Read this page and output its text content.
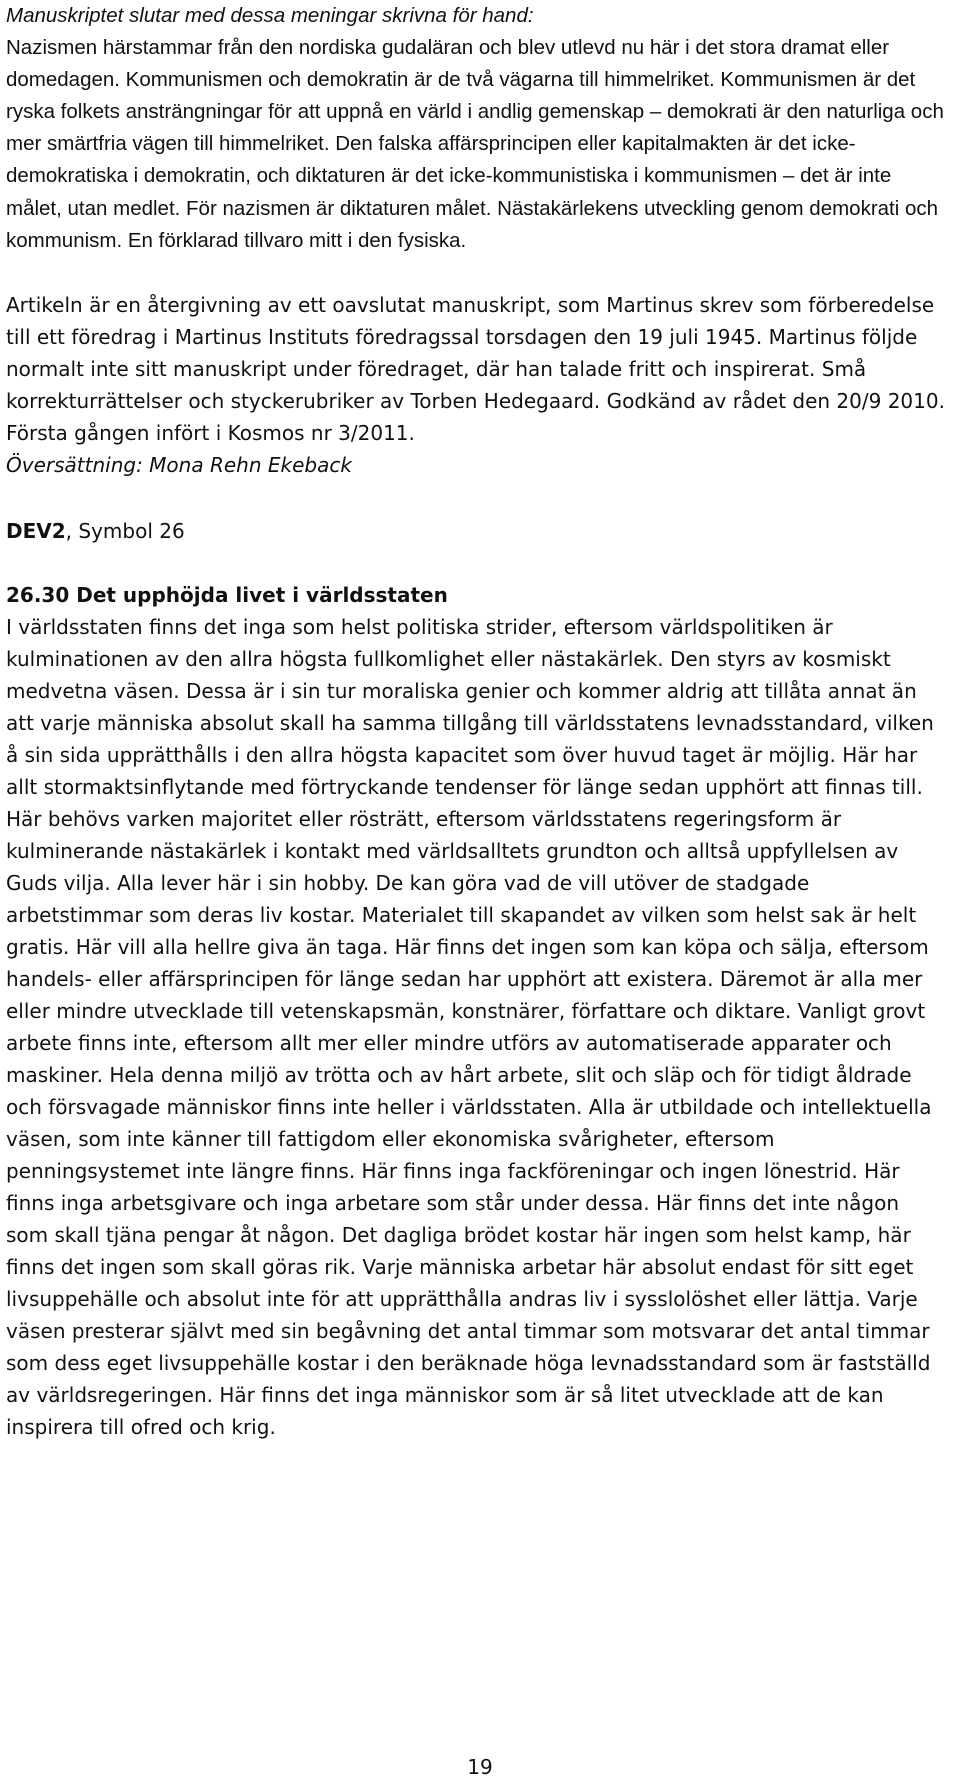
Manuskriptet slutar med dessa meningar skrivna för hand:

Nazismen härstammar från den nordiska gudaläran och blev utlevd nu här i det stora dramat eller domedagen. Kommunismen och demokratin är de två vägarna till himmelriket. Kommunismen är det ryska folkets ansträngningar för att uppnå en värld i andlig gemenskap – demokrati är den naturliga och mer smärtfria vägen till himmelriket. Den falska affärsprincipen eller kapitalmakten är det icke-demokratiska i demokratin, och diktaturen är det icke-kommunistiska i kommunismen – det är inte målet, utan medlet. För nazismen är diktaturen målet. Nästakärlekens utveckling genom demokrati och kommunism. En förklarad tillvaro mitt i den fysiska.

Artikeln är en återgivning av ett oavslutat manuskript, som Martinus skrev som förberedelse till ett föredrag i Martinus Instituts föredragssal torsdagen den 19 juli 1945. Martinus följde normalt inte sitt manuskript under föredraget, där han talade fritt och inspirerat. Små korrekturrättelser och styckerubriker av Torben Hedegaard. Godkänd av rådet den 20/9 2010. Första gången infört i Kosmos nr 3/2011.

Översättning: Mona Rehn Ekeback

DEV2, Symbol 26

26.30 Det upphöjda livet i världsstaten

I världsstaten finns det inga som helst politiska strider, eftersom världspolitiken är kulminationen av den allra högsta fullkomlighet eller nästakärlek. Den styrs av kosmiskt medvetna väsen. Dessa är i sin tur moraliska genier och kommer aldrig att tillåta annat än att varje människa absolut skall ha samma tillgång till världsstatens levnadsstandard, vilken å sin sida upprätthålls i den allra högsta kapacitet som över huvud taget är möjlig. Här har allt stormaktsinflytande med förtryckande tendenser för länge sedan upphört att finnas till. Här behövs varken majoritet eller rösträtt, eftersom världsstatens regeringsform är kulminerande nästakärlek i kontakt med världsalltets grundton och alltså uppfyllelsen av Guds vilja. Alla lever här i sin hobby. De kan göra vad de vill utöver de stadgade arbetstimmar som deras liv kostar. Materialet till skapandet av vilken som helst sak är helt gratis. Här vill alla hellre giva än taga. Här finns det ingen som kan köpa och sälja, eftersom handels- eller affärsprincipen för länge sedan har upphört att existera. Däremot är alla mer eller mindre utvecklade till vetenskapsmän, konstnärer, författare och diktare. Vanligt grovt arbete finns inte, eftersom allt mer eller mindre utförs av automatiserade apparater och maskiner. Hela denna miljö av trötta och av hårt arbete, slit och släp och för tidigt åldrade och försvagade människor finns inte heller i världsstaten. Alla är utbildade och intellektuella väsen, som inte känner till fattigdom eller ekonomiska svårigheter, eftersom penningsystemet inte längre finns. Här finns inga fackföreningar och ingen lönestrid. Här finns inga arbetsgivare och inga arbetare som står under dessa. Här finns det inte någon som skall tjäna pengar åt någon. Det dagliga brödet kostar här ingen som helst kamp, här finns det ingen som skall göras rik. Varje människa arbetar här absolut endast för sitt eget livsuppehälle och absolut inte för att upprätthålla andras liv i sysslolöshet eller lättja. Varje väsen presterar självt med sin begåvning det antal timmar som motsvarar det antal timmar som dess eget livsuppehälle kostar i den beräknade höga levnadsstandard som är fastställd av världsregeringen. Här finns det inga människor som är så litet utvecklade att de kan inspirera till ofred och krig.

19
